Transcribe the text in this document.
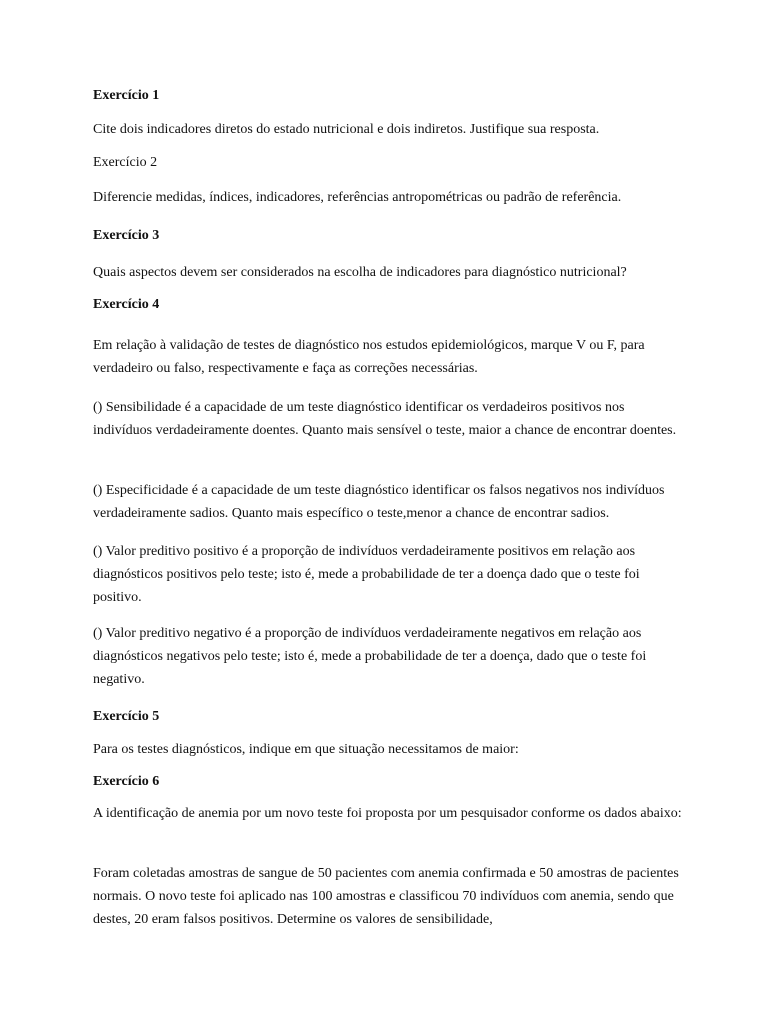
Exercício 1

Cite dois indicadores diretos do estado nutricional e dois indiretos. Justifique sua resposta.

Exercício 2

Diferencie medidas, índices, indicadores, referências antropométricas ou padrão de referência.

Exercício 3

Quais aspectos devem ser considerados na escolha de indicadores para diagnóstico nutricional?

Exercício 4

Em relação à validação de testes de diagnóstico nos estudos epidemiológicos, marque V ou F, para verdadeiro ou falso, respectivamente e faça as correções necessárias.

() Sensibilidade é a capacidade de um teste diagnóstico identificar os verdadeiros positivos nos indivíduos verdadeiramente doentes. Quanto mais sensível o teste, maior a chance de encontrar doentes.

() Especificidade é a capacidade de um teste diagnóstico identificar os falsos negativos nos indivíduos verdadeiramente sadios. Quanto mais específico o teste,menor a chance de encontrar sadios.

() Valor preditivo positivo é a proporção de indivíduos verdadeiramente positivos em relação aos diagnósticos positivos pelo teste; isto é, mede a probabilidade de ter a doença dado que o teste foi positivo.

() Valor preditivo negativo é a proporção de indivíduos verdadeiramente negativos em relação aos diagnósticos negativos pelo teste; isto é, mede a probabilidade de ter a doença, dado que o teste foi negativo.

Exercício 5

Para os testes diagnósticos, indique em que situação necessitamos de maior:

Exercício 6

A identificação de anemia por um novo teste foi proposta por um pesquisador conforme os dados abaixo:

Foram coletadas amostras de sangue de 50 pacientes com anemia confirmada e 50 amostras de pacientes normais. O novo teste foi aplicado nas 100 amostras e classificou 70 indivíduos com anemia, sendo que destes, 20 eram falsos positivos. Determine os valores de sensibilidade,
